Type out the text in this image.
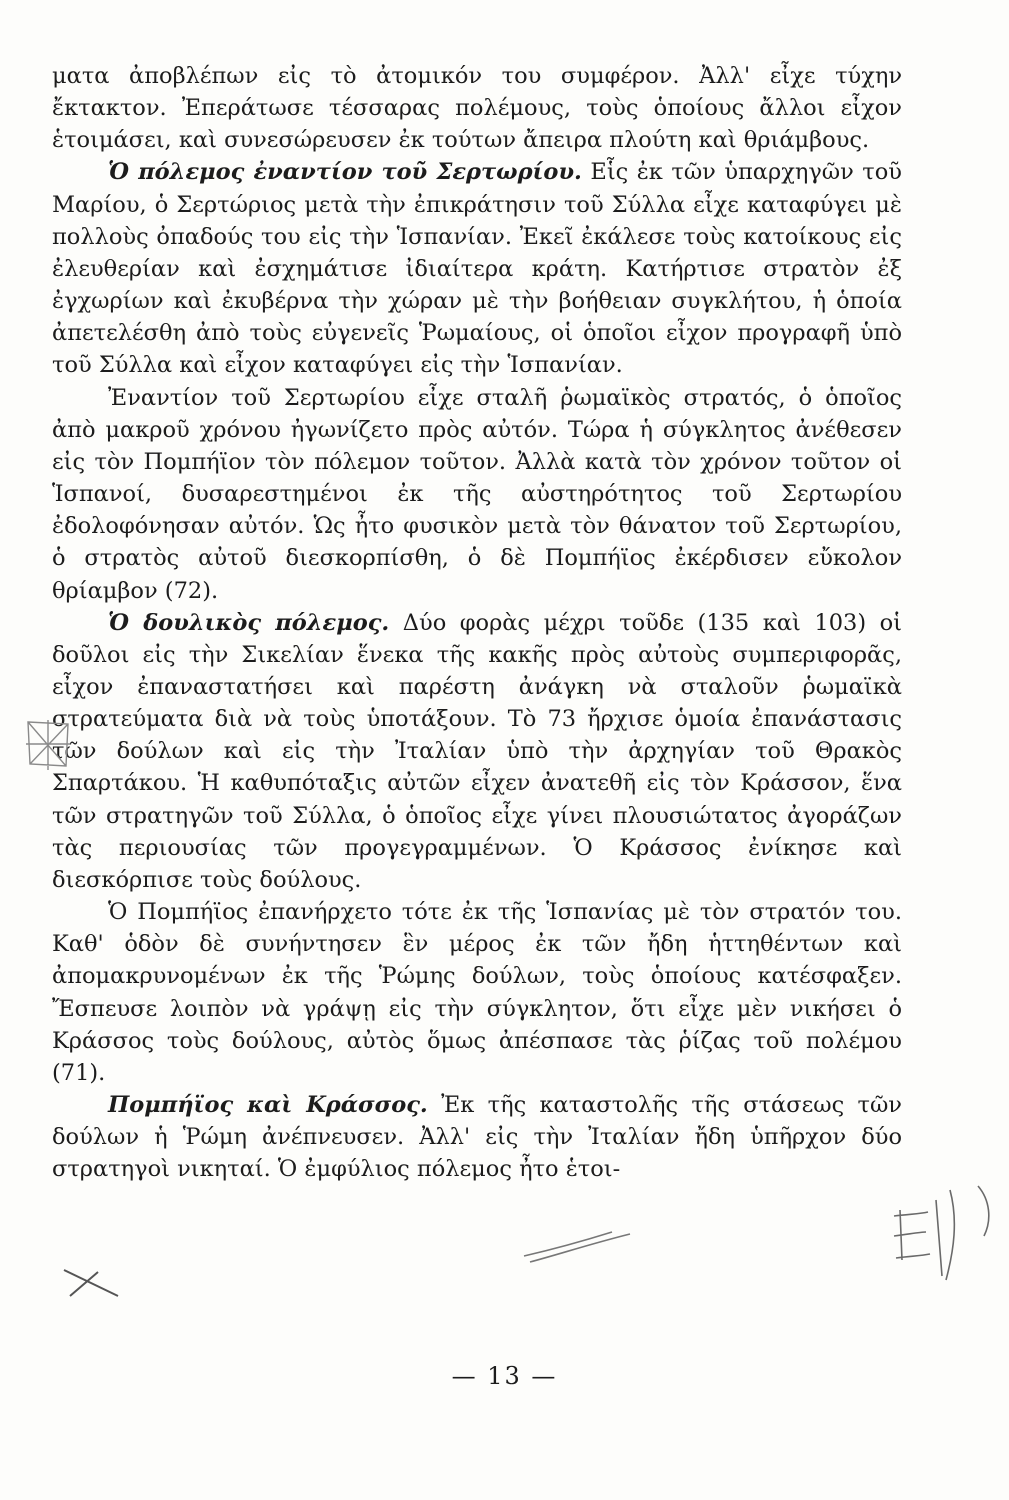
ματα ἀποβλέπων εἰς τὸ ἀτομικόν του συμφέρον. Ἀλλ' εἶχε τύχην ἔκτακτον. Ἐπεράτωσε τέσσαρας πολέμους, τοὺς ὁποίους ἄλλοι εἶχον ἑτοιμάσει, καὶ συνεσώρευσεν ἐκ τούτων ἄπειρα πλούτη καὶ θριάμβους.

Ὁ πόλεμος ἐναντίον τοῦ Σερτωρίου. Εἷς ἐκ τῶν ὑπαρχηγῶν τοῦ Μαρίου, ὁ Σερτώριος μετὰ τὴν ἐπικράτησιν τοῦ Σύλλα εἶχε καταφύγει μὲ πολλοὺς ὀπαδούς του εἰς τὴν Ἱσπανίαν. Ἐκεῖ ἐκάλεσε τοὺς κατοίκους εἰς ἐλευθερίαν καὶ ἐσχημάτισε ἰδιαίτερα κράτη. Κατήρτισε στρατὸν ἐξ ἐγχωρίων καὶ ἐκυβέρνα τὴν χώραν μὲ τὴν βοήθειαν συγκλήτου, ἡ ὁποία ἀπετελέσθη ἀπὸ τοὺς εὐγενεῖς Ῥωμαίους, οἱ ὁποῖοι εἶχον προγραφῆ ὑπὸ τοῦ Σύλλα καὶ εἶχον καταφύγει εἰς τὴν Ἱσπανίαν.

Ἐναντίον τοῦ Σερτωρίου εἶχε σταλῆ ῥωμαϊκὸς στρατός, ὁ ὁποῖος ἀπὸ μακροῦ χρόνου ἠγωνίζετο πρὸς αὐτόν. Τώρα ἡ σύγκλητος ἀνέθεσεν εἰς τὸν Πομπήϊον τὸν πόλεμον τοῦτον. Ἀλλὰ κατὰ τὸν χρόνον τοῦτον οἱ Ἱσπανοί, δυσαρεστημένοι ἐκ τῆς αὐστηρότητος τοῦ Σερτωρίου ἐδολοφόνησαν αὐτόν. Ὡς ἦτο φυσικὸν μετὰ τὸν θάνατον τοῦ Σερτωρίου, ὁ στρατὸς αὐτοῦ διεσκορπίσθη, ὁ δὲ Πομπήϊος ἐκέρδισεν εὔκολον θρίαμβον (72).

Ὁ δουλικὸς πόλεμος. Δύο φορὰς μέχρι τοῦδε (135 καὶ 103) οἱ δοῦλοι εἰς τὴν Σικελίαν ἕνεκα τῆς κακῆς πρὸς αὐτοὺς συμπεριφορᾶς, εἶχον ἐπαναστατήσει καὶ παρέστη ἀνάγκη νὰ σταλοῦν ῥωμαϊκὰ στρατεύματα διὰ νὰ τοὺς ὑποτάξουν. Τὸ 73 ἤρχισε ὁμοία ἐπανάστασις τῶν δούλων καὶ εἰς τὴν Ἰταλίαν ὑπὸ τὴν ἀρχηγίαν τοῦ Θρακὸς Σπαρτάκου. Ἡ καθυπόταξις αὐτῶν εἶχεν ἀνατεθῆ εἰς τὸν Κράσσον, ἕνα τῶν στρατηγῶν τοῦ Σύλλα, ὁ ὁποῖος εἶχε γίνει πλουσιώτατος ἀγοράζων τὰς περιουσίας τῶν προγεγραμμένων. Ὁ Κράσσος ἐνίκησε καὶ διεσκόρπισε τοὺς δούλους.

Ὁ Πομπήϊος ἐπανήρχετο τότε ἐκ τῆς Ἱσπανίας μὲ τὸν στρατόν του. Καθ' ὁδὸν δὲ συνήντησεν ἓν μέρος ἐκ τῶν ἤδη ἡττηθέντων καὶ ἀπομακρυνομένων ἐκ τῆς Ῥώμης δούλων, τοὺς ὁποίους κατέσφαξεν. Ἔσπευσε λοιπὸν νὰ γράψῃ εἰς τὴν σύγκλητον, ὅτι εἶχε μὲν νικήσει ὁ Κράσσος τοὺς δούλους, αὐτὸς ὅμως ἀπέσπασε τὰς ῥίζας τοῦ πολέμου (71).

Πομπήϊος καὶ Κράσσος. Ἐκ τῆς καταστολῆς τῆς στάσεως τῶν δούλων ἡ Ῥώμη ἀνέπνευσεν. Ἀλλ' εἰς τὴν Ἰταλίαν ἤδη ὑπῆρχον δύο στρατηγοὶ νικηταί. Ὁ ἐμφύλιος πόλεμος ἦτο ἑτοι-

— 13 —
